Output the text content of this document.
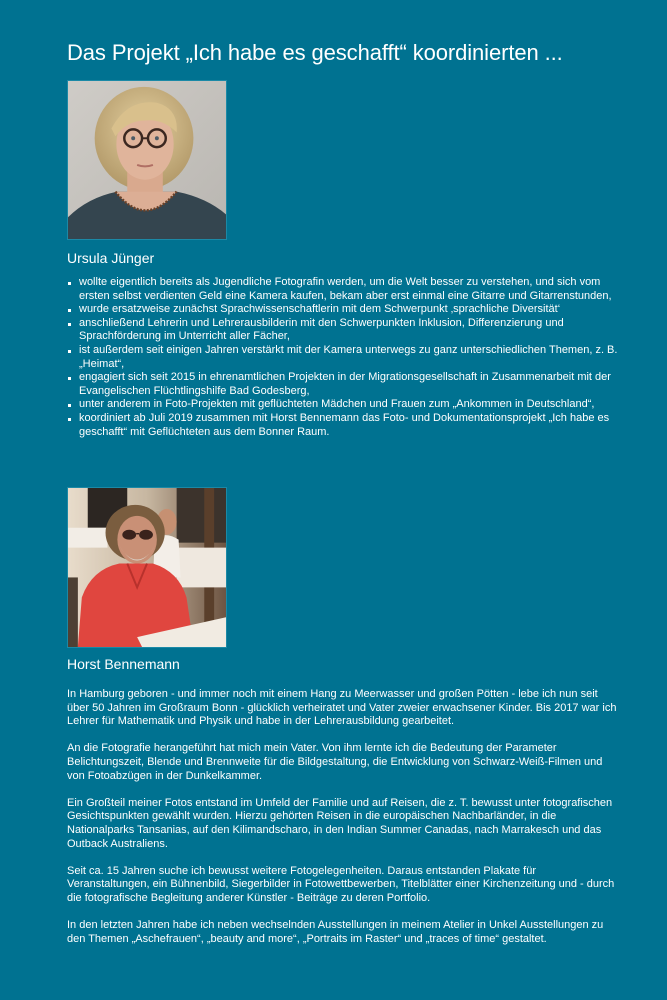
Das Projekt „Ich habe es geschafft“ koordinierten ...
Ursula Jünger
wollte eigentlich bereits als Jugendliche Fotografin werden, um die Welt besser zu verstehen, und sich vom ersten selbst verdienten Geld eine Kamera kaufen, bekam aber erst einmal eine Gitarre und Gitarrenstunden,
wurde ersatzweise zunächst Sprachwissenschaftlerin mit dem Schwerpunkt ‚sprachliche Diversität‘
anschließend Lehrerin und Lehrerausbilderin mit den Schwerpunkten Inklusion, Differenzierung und Sprachförderung im Unterricht aller Fächer,
ist außerdem seit einigen Jahren verstärkt mit der Kamera unterwegs zu ganz unterschiedlichen Themen, z. B. „Heimat“,
engagiert sich seit 2015 in ehrenamtlichen Projekten in der Migrationsgesellschaft in Zusammenarbeit mit der Evangelischen Flüchtlingshilfe Bad Godesberg,
unter anderem in Foto-Projekten mit geflüchteten Mädchen und Frauen zum „Ankommen in Deutschland“,
koordiniert ab Juli 2019 zusammen mit Horst Bennemann das Foto- und Dokumentationsprojekt „Ich habe es geschafft“ mit Geflüchteten aus dem Bonner Raum.
Horst Bennemann

In Hamburg geboren - und immer noch mit einem Hang zu Meerwasser und großen Pötten - lebe ich nun seit über 50 Jahren im Großraum Bonn - glücklich verheiratet und Vater zweier erwachsener Kinder. Bis 2017 war ich Lehrer für Mathematik und Physik und habe in der Lehrerausbildung gearbeitet.

An die Fotografie herangeführt hat mich mein Vater. Von ihm lernte ich die Bedeutung der Parameter Belichtungszeit, Blende und Brennweite für die Bildgestaltung, die Entwicklung von Schwarz-Weiß-Filmen und von Fotoabzügen in der Dunkelkammer.

Ein Großteil meiner Fotos entstand im Umfeld der Familie und auf Reisen, die z. T. bewusst unter fotografischen Gesichtspunkten gewählt wurden. Hierzu gehörten Reisen in die europäischen Nachbarländer, in die Nationalparks Tansanias, auf den Kilimandscharo, in den Indian Summer Canadas, nach Marrakesch und das Outback Australiens.

Seit ca. 15 Jahren suche ich bewusst weitere Fotogelegenheiten. Daraus entstanden Plakate für Veranstaltungen, ein Bühnenbild, Siegerbilder in Fotowettbewerben, Titelblätter einer Kirchenzeitung und - durch die fotografische Begleitung anderer Künstler - Beiträge zu deren Portfolio.

In den letzten Jahren habe ich neben wechselnden Ausstellungen in meinem Atelier in Unkel Ausstellungen zu den Themen „Aschefrauen“, „beauty and more“, „Portraits im Raster“ und „traces of time“ gestaltet.
